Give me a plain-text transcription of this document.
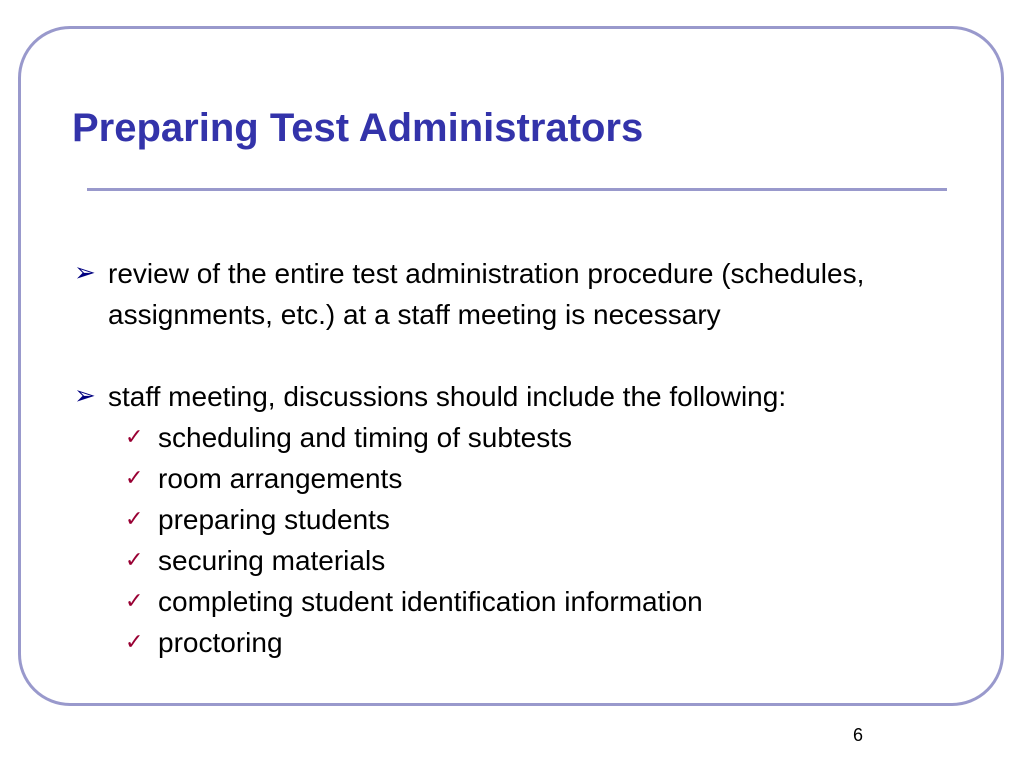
Preparing Test Administrators

➢ review of the entire test administration procedure (schedules, assignments, etc.) at a staff meeting is necessary

➢ staff meeting, discussions should include the following:

✓ scheduling and timing of subtests

✓ room arrangements

✓ preparing students

✓ securing materials

✓ completing student identification information

✓ proctoring

6
